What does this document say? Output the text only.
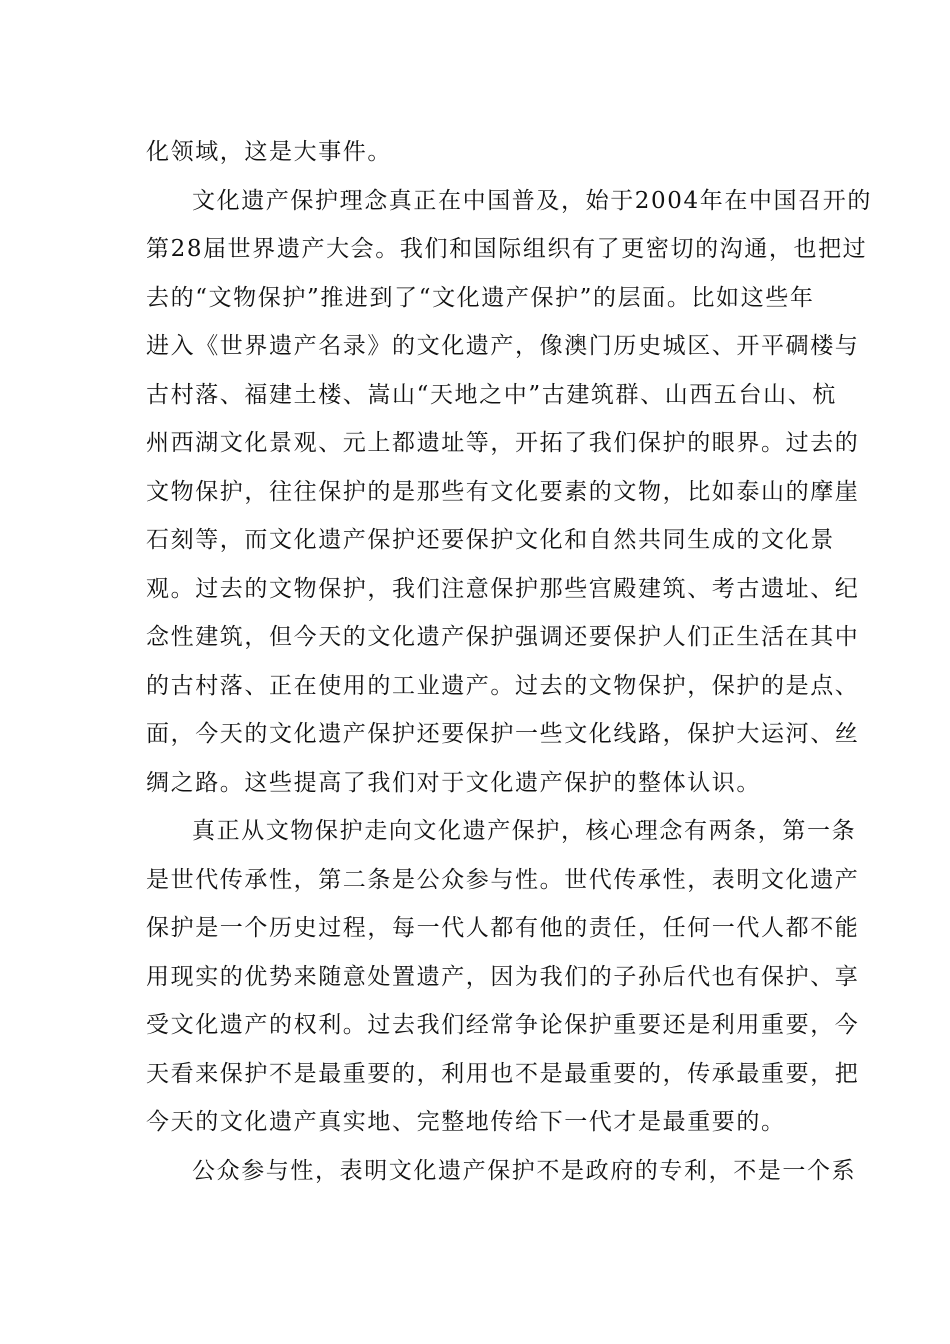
化领域，这是大事件。
文化遗产保护理念真正在中国普及，始于2004年在中国召开的
第28届世界遗产大会。我们和国际组织有了更密切的沟通，也把过
去的“文物保护”推进到了“文化遗产保护”的层面。比如这些年
进入《世界遗产名录》的文化遗产，像澳门历史城区、开平碉楼与
古村落、福建土楼、嵩山“天地之中”古建筑群、山西五台山、杭
州西湖文化景观、元上都遗址等，开拓了我们保护的眼界。过去的
文物保护，往往保护的是那些有文化要素的文物，比如泰山的摩崖
石刻等，而文化遗产保护还要保护文化和自然共同生成的文化景
观。过去的文物保护，我们注意保护那些宫殿建筑、考古遗址、纪
念性建筑，但今天的文化遗产保护强调还要保护人们正生活在其中
的古村落、正在使用的工业遗产。过去的文物保护，保护的是点、
面，今天的文化遗产保护还要保护一些文化线路，保护大运河、丝
绸之路。这些提高了我们对于文化遗产保护的整体认识。
真正从文物保护走向文化遗产保护，核心理念有两条，第一条
是世代传承性，第二条是公众参与性。世代传承性，表明文化遗产
保护是一个历史过程，每一代人都有他的责任，任何一代人都不能
用现实的优势来随意处置遗产，因为我们的子孙后代也有保护、享
受文化遗产的权利。过去我们经常争论保护重要还是利用重要，今
天看来保护不是最重要的，利用也不是最重要的，传承最重要，把
今天的文化遗产真实地、完整地传给下一代才是最重要的。
公众参与性，表明文化遗产保护不是政府的专利，不是一个系
